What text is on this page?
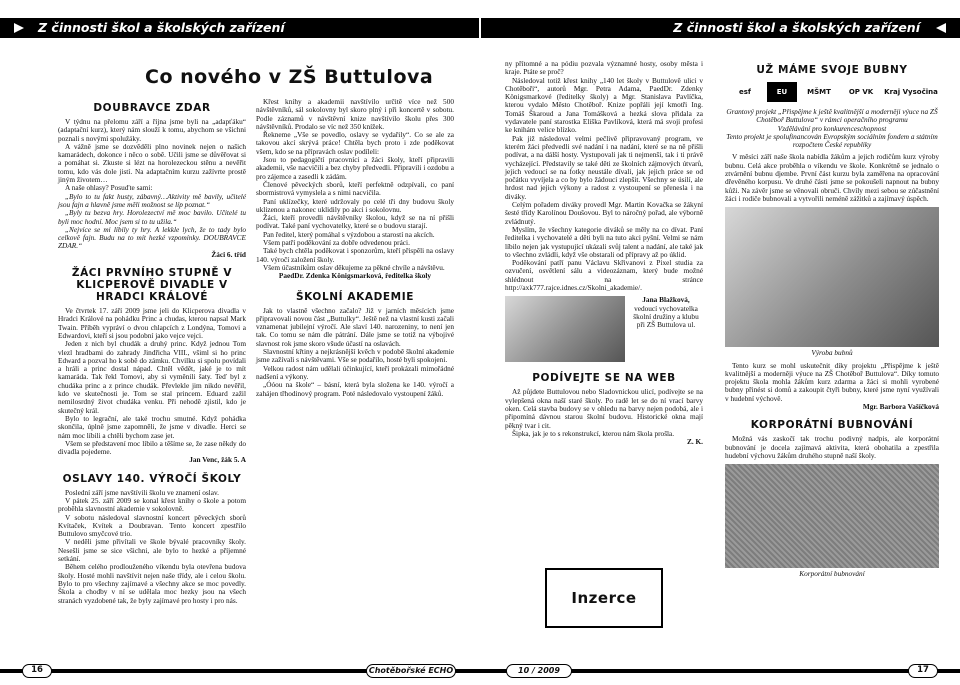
Z činnosti škol a školských zařízení	Z činnosti škol a školských zařízení
Co nového v ZŠ Buttulova
DOUBRAVCE ZDAR

V týdnu na přelomu září a října jsme byli na „adapťáku“ (adaptační kurz), který nám slouží k tomu, abychom se všichni poznali s novými spolužáky.

A vážně jsme se dozvěděli plno novinek nejen o našich kamarádech, dokonce i něco o sobě. Učili jsme se důvěřovat si a pomáhat si. Zkuste si lézt na horolezeckou stěnu a nevěřit tomu, kdo vás dole jistí. Na adaptačním kurzu zažívrte prostě jiným životem…

A naše ohlasy? Posuďte sami:

„Bylo to tu fakt husty, zábavný…Aktivity mě bavily, učitelé jsou fajn a hlavně jsme měli možnost se líp poznat.“

„Byly tu bezva hry. Horolezectví mě moc bavilo. Učitelé tu byli moc hodní. Moc jsem si to tu užila.“

„Nejvíce se mi líbily ty hry. A lekkle lych, že to tady bylo celkově fajn. Budu na to mít hezké vzpomínky. DOUBRAVCE ZDAR.“

Žáci 6. tříd

ŽÁCI PRVNÍHO STUPNĚ V KLICPEROVĚ DIVADLE V HRADCI KRÁLOVÉ

Ve čtvrtek 17. září 2009 jsme jeli do Klicperova divadla v Hradci Králové na pohádku Princ a chudas, kterou napsal Mark Twain. Příběh vypráví o dvou chlapcích z Londýna, Tomovi a Edwardovi, kteří si jsou podobní jako vejce vejci.

Jeden z nich byl chudák a druhý princ. Když jednou Tom vlezl hradbami do zahrady Jindřicha VIII., všiml si ho princ Edward a pozval ho k sobě do zámku. Chvilku si spolu povídali a hráli a princ dostal nápad. Chtěl vědět, jaké je to mít kamaráda. Tak řekl Tomovi, aby si vyměnili šaty. Teď byl z chudáka princ a z prince chudák. Převlekle jim nikdo nevěřil, kdo ve skutečnosti je. Tom se stal princem. Eduard zažil nemilosrdný život chudáka venku. Při nehodě zjistil, kdo je skutečný král.

Bylo to legrační, ale také trochu smutné. Když pohádka skončila, úplně jsme zapomněli, že jsme v divadle. Herci se nám moc líbili a chtěli bychom zase jet.

Všem se představení moc líbilo a těšíme se, že zase někdy do divadla pojedeme.

Jan Venc, žák 5. A

OSLAVY 140. VÝROČÍ ŠKOLY

Poslední září jsme navštívili školu ve znamení oslav.

V pátek 25. září 2009 se konal křest knihy o škole a potom proběhla slavnostní akademie v sokolovně.

V sobotu následoval slavnostní koncert pěveckých sborů Kvítaček, Kvítek a Doubravan. Tento koncert zpestřilo Buttulovo smyčcové trio.

V neděli jsme přivítali ve škole bývalé pracovníky školy. Nesešli jsme se sice všichni, ale bylo to hezké a příjemné setkání.

Během celého prodlouženého víkendu byla otevřena budova školy. Hosté mohli navštívit nejen naše třídy, ale i celou školu. Bylo to pro všechny zajímavé a všechny akce se moc povedly. Škola a chodby v ní se udělala moc hezky jsou na všech stranách vyzdobené tak, že byly zajímavé pro hosty i pro nás.

Křest knihy a akademii navštívilo určitě více než 500 návštěvníků, sál sokolovny byl skoro plný i při koncertě v sobotu. Podle záznamů v návštěvní knize navštívilo školu přes 300 návštěvníků. Prodalo se víc než 350 knížek.

Řekneme „Vše se povedlo, oslavy se vydařily“. Co se ale za takovou akcí skrývá práce! Chtěla bych proto i zde poděkovat všem, kdo se na přípravách oslav podíleli:

Jsou to pedagogičtí pracovníci a žáci školy, kteří připravili akademii, vše nacvičili a bez chyby předvedli. Připravili i ozdobu a pro zájemce a zasedli k zádám.

Členové pěveckých sborů, kteří perfektně odzpívali, co paní sbormistrová vymyslela a s nimi nacvičila.

Paní uklízečky, které udržovaly po celé tři dny budovu školy uklizenou a nakonec uklidily po akci i sokolovnu.

Žáci, kteří provedli návštěvníky školou, když se na ní přišli podívat. Také paní vychovatelky, které se o budovu starají.

Pan ředitel, který pomáhal s výzdobou a starostí na akcích.

Všem patří poděkování za dobře odvedenou práci.

Také bych chtěla poděkovat i sponzorům, kteří přispěli na oslavy 140. výročí založení školy.

Všem účastníkům oslav děkujeme za pěkné chvíle a návštěvu.

PaedDr. Zdenka Königsmarková, ředitelka školy

ŠKOLNÍ AKADEMIE

Jak to vlastně všechno začalo? Již v jarních měsících jsme připravovali novou část „Buttulky“. Ještě než na vlastní kusti začali vznamenat jubilejní výročí. Ale slaví 140. narozeniny, to není jen tak. Co tomu se nám dle pátrání. Dále jsme se totiž na výbojivé slavnost rok jsme skoro všude účastí na oslavách.

Slavnostní křtiny a nejkrásnější kvěch v podobě školní akademie jsme zažívali s návštěvami. Vše se podařilo, hosté byli spokojeni.

Velkou radost nám udělali účinkující, kteří prokázali mimořádné nadšení a výkony.

„Óóou na škole“ – básní, která byla složena ke 140. výročí a zahájen třhodinový program. Poté následovalo vystoupení žáků.

ny přítomné a na pódiu pozvala významné hosty, osoby města i kraje. Ptáte se proč?

Následoval totiž křest knihy „140 let školy v Buttulově ulici v Chotěboři“, autorů Mgr. Petra Adama, PaedDr. Zdenky Königsmarkové (ředitelky školy) a Mgr. Stanislava Pavlíčka, kterou vydalo Město Chotěboř. Knize popřáli její kmotři Ing. Tomáš Škaroud a Jana Tomášková a hezká slova přidala za vydavatele paní starostka Eliška Pavlíková, která má svoji profesi ke knihám velice blízko.

Pak již následoval velmi pečlivě připravovaný program, ve kterém žáci předvedli své nadání i na nadání, které se na ně přišli podívat, a na dálší hosty. Vystupovali jak ti nejmenší, tak i ti právě vycházející. Představily se také děti ze školních zájmových útvarů, jejich vedoucí se na fotky neustále dívali, jak jejich práce se od počátku vyvíjela a co by bylo žádoucí zlepšit. Všechny se úsilí, ale hrdost nad jejich výkony a radost z vystoupení se přenesla i na diváky.

Celým pořadem diváky provedl Mgr. Martin Kovačka se žákyní šesté třídy Karolínou Doušovou. Byl to náročný pořad, ale výborně zvládnutý.

Myslím, že všechny kategorie diváků se měly na co dívat. Paní ředitelka i vychovatelé a děti byli na tuto akci pyšní. Velmi se nám líbilo nejen jak vystupující ukázali svůj talent a nadání, ale také jak to všechno zvládli, když vše obstarali od přípravy až po úklid.

Poděkování patří panu Václavu Skřivanovi z Pixel studia za ozvučení, osvětlení sálu a videozáznam, který bude možné shlédnout na stránce http://axk777.rajce.idnes.cz/Skolni_akademie/.

Jana Blažková,
vedoucí vychovatelka školní družiny a klubu při ZŠ Buttulova ul.
PODÍVEJTE SE NA WEB

Až půjdete Buttulovou nebo Sladovnickou ulicí, podívejte se na vylepšená okna naší staré školy. Po radě let se do ní vrací barvy oken. Celá stavba budovy se v ohledu na barvy nejen podobá, ale i připomíná dávnou starou školní budovu. Historické okna mají pěkný tvar i cit.

Šipka, jak je to s rekonstrukcí, kterou nám škola prošla.

Z. K.

Inzerce
UŽ MÁME SVOJE BUBNY
esf	EU	MŠMT	OP VK	Kraj Vysočina

Grantový projekt „Přispějme k ještě kvalitnější a moderněji výuce na ZŠ Chotěboř Buttulova“ v rámci operačního programu

Vzdělávání pro konkurenceschopnost

Tento projekt je spolufinancován Evropským sociálním fondem a státním rozpočtem České republiky

V měsíci září naše škola nabídla žákům a jejich rodičům kurz výroby bubnu. Celá akce proběhla o víkendu ve škole. Konkrétně se jednalo o ztvárnění bubnu djembe. První část kurzu byla zaměřena na opracování dřevěného korpusu. Ve druhé části jsme se pokoušeli napnout na bubny kůži. Na závěr jsme se věnovali obruči. Chvíly mezi sebou se zúčastnění žáci i rodiče bubnovali a vytvořili neméně zážitků a zajímavý úspěch.

Výroba bubnů

Tento kurz se mohl uskutečnit díky projektu „Přispějme k ještě kvalitnější a moderněji výuce na ZŠ Chotěboř Buttulova“. Díky tomuto projektu škola mohla žákům kurz zdarma a žáci si mohli vyrobené bubny přinést si domů a zakoupit čtyři bubny, které jsme nyní využívali v hudební výchově.

Mgr. Barbora Vašíčková

KORPORÁTNÍ BUBNOVÁNÍ

Možná vás zaskočí tak trochu podivný nadpis, ale korporátní bubnování je docela zajímavá aktivita, která obohatila a zpestřila hudební výchovu žákům druhého stupně naší školy.

Korporátní bubnování
16	Chotěbořské ECHO	10 / 2009	17
